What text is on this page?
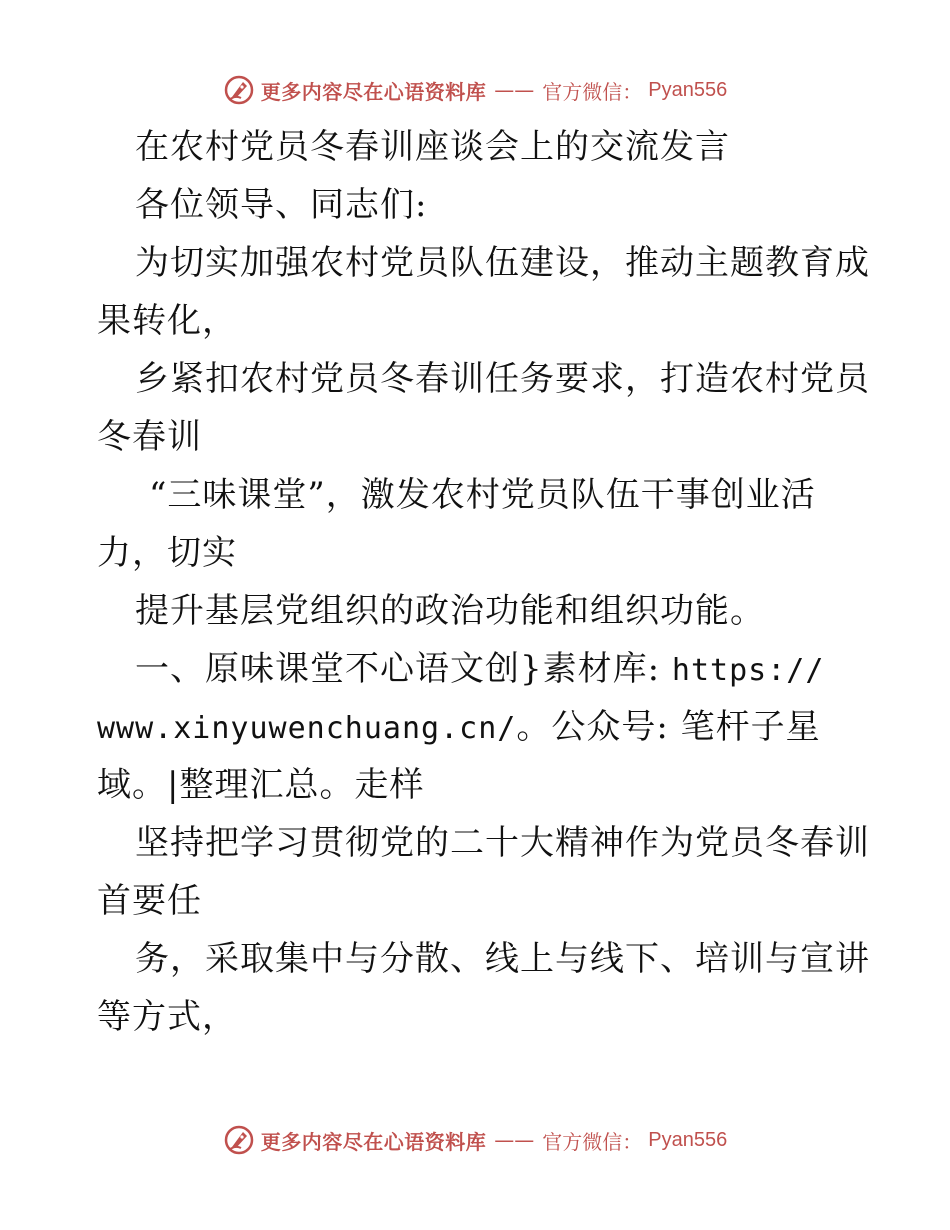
更多内容尽在心语资料库 —— 官方微信： Pyan556
在农村党员冬春训座谈会上的交流发言
各位领导、同志们:
为切实加强农村党员队伍建设，推动主题教育成
果转化，
乡紧扣农村党员冬春训任务要求，打造农村党员
冬春训
“三味课堂”，激发农村党员队伍干事创业活
力，切实
提升基层党组织的政治功能和组织功能。
一、原味课堂不心语文创}素材库: https://
www.xinyuwenchuang.cn/。公众号: 笔杆子星
域。|整理汇总。走样
坚持把学习贯彻党的二十大精神作为党员冬春训
首要任
务，采取集中与分散、线上与线下、培训与宣讲
等方式，
更多内容尽在心语资料库 —— 官方微信： Pyan556
